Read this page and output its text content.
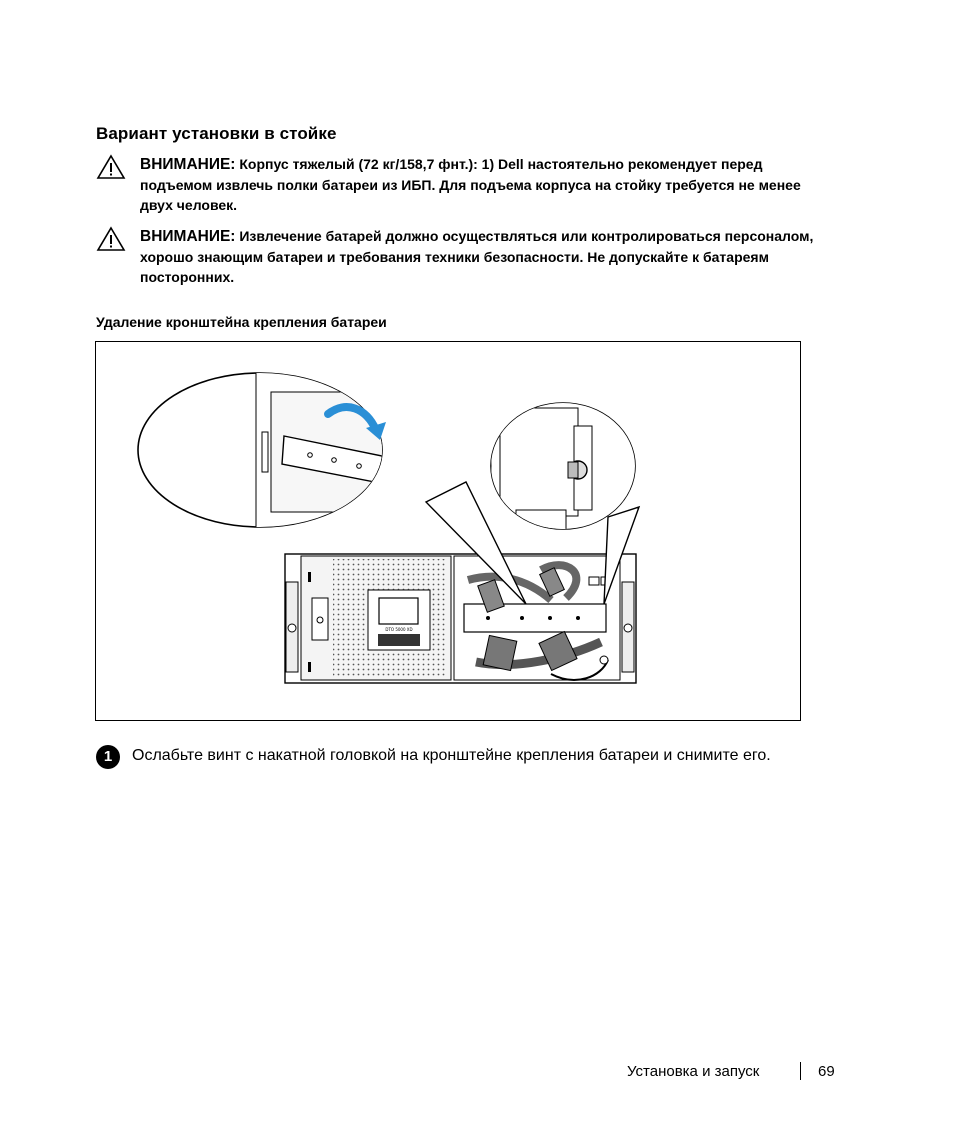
Вариант установки в стойке
ВНИМАНИЕ: Корпус тяжелый (72 кг/158,7 фнт.): 1) Dell настоятельно рекомендует перед подъемом извлечь полки батареи из ИБП. Для подъема корпуса на стойку требуется не менее двух человек.
ВНИМАНИЕ: Извлечение батарей должно осуществляться или контролироваться персоналом, хорошо знающим батареи и требования техники безопасности. Не допускайте к батареям посторонних.
Удаление кронштейна крепления батареи
DTO 5000 XD
1	Ослабьте винт с накатной головкой на кронштейне крепления батареи и снимите его.
Установка и запуск	69
